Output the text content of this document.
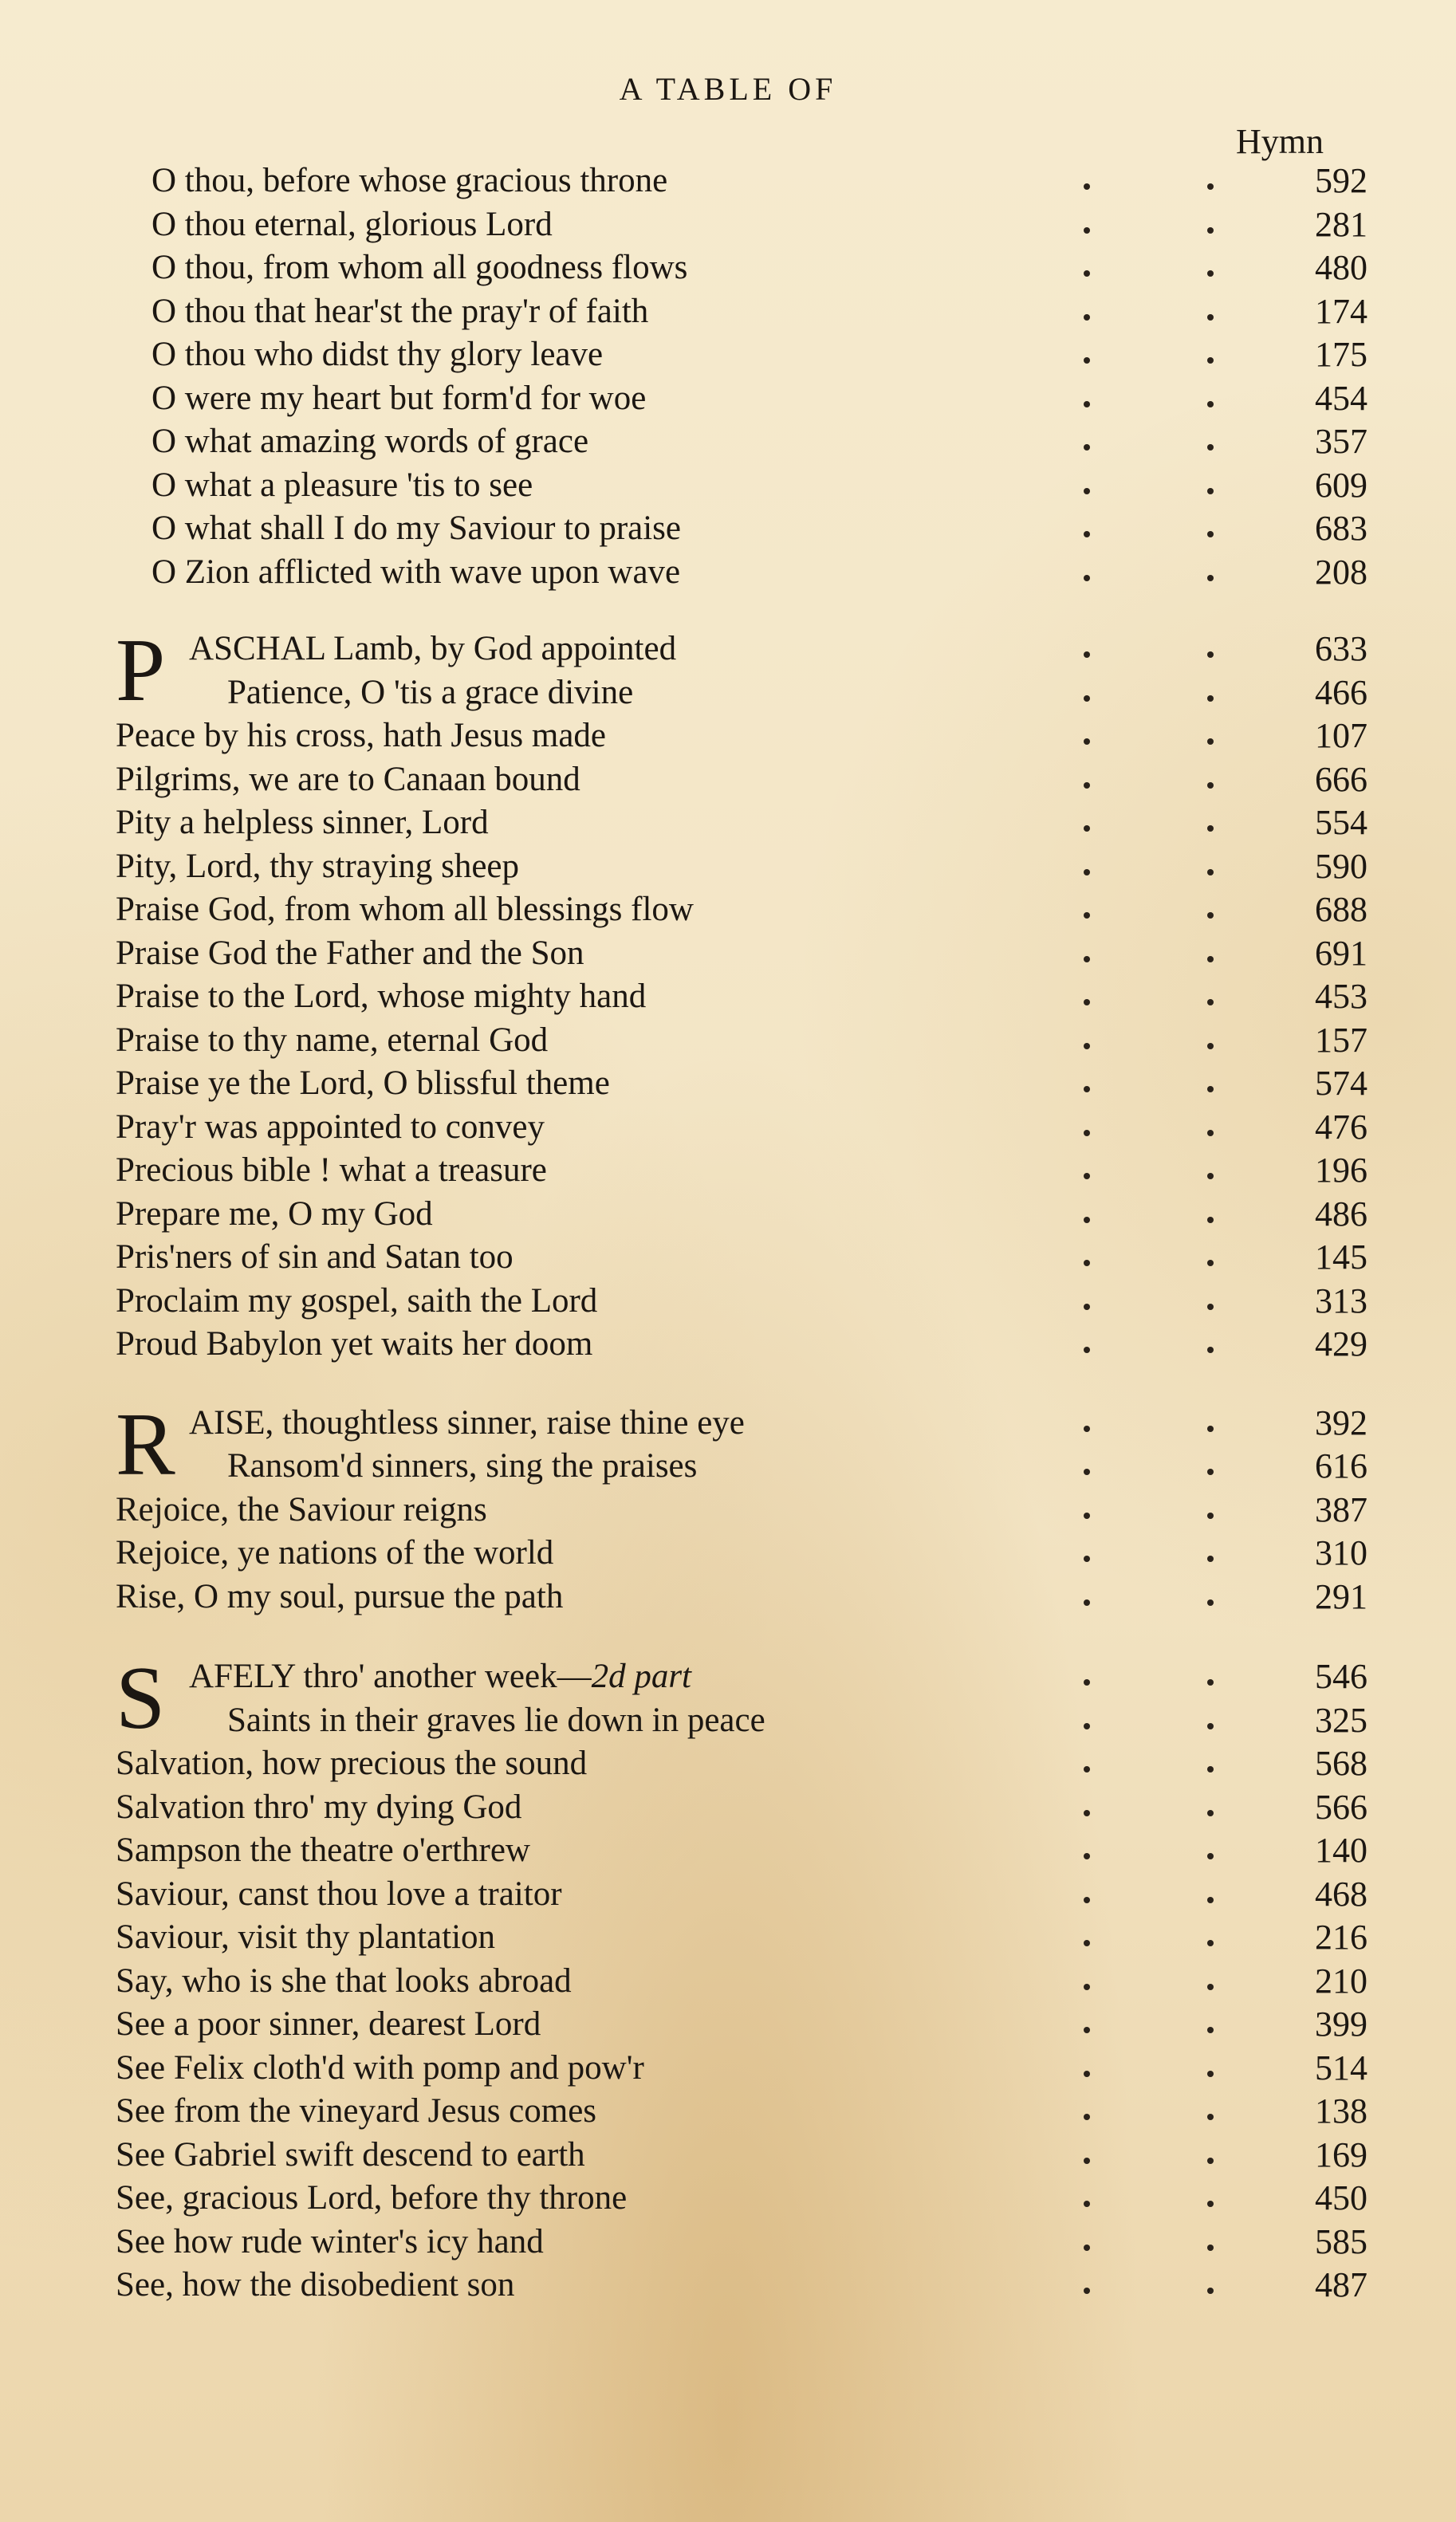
A TABLE OF
Hymn
O thou, before whose gracious throne	592
O thou eternal, glorious Lord	281
O thou, from whom all goodness flows	480
O thou that hear'st the pray'r of faith	174
O thou who didst thy glory leave	175
O were my heart but form'd for woe	454
O what amazing words of grace	357
O what a pleasure 'tis to see	609
O what shall I do my Saviour to praise	683
O Zion afflicted with wave upon wave	208
P ASCHAL Lamb, by God appointed	633
Patience, O 'tis a grace divine	466
Peace by his cross, hath Jesus made	107
Pilgrims, we are to Canaan bound	666
Pity a helpless sinner, Lord	554
Pity, Lord, thy straying sheep	590
Praise God, from whom all blessings flow	688
Praise God the Father and the Son	691
Praise to the Lord, whose mighty hand	453
Praise to thy name, eternal God	157
Praise ye the Lord, O blissful theme	574
Pray'r was appointed to convey	476
Precious bible ! what a treasure	196
Prepare me, O my God	486
Pris'ners of sin and Satan too	145
Proclaim my gospel, saith the Lord	313
Proud Babylon yet waits her doom	429
R AISE, thoughtless sinner, raise thine eye	392
Ransom'd sinners, sing the praises	616
Rejoice, the Saviour reigns	387
Rejoice, ye nations of the world	310
Rise, O my soul, pursue the path	291
S AFELY thro' another week—2d part	546
Saints in their graves lie down in peace	325
Salvation, how precious the sound	568
Salvation thro' my dying God	566
Sampson the theatre o'erthrew	140
Saviour, canst thou love a traitor	468
Saviour, visit thy plantation	216
Say, who is she that looks abroad	210
See a poor sinner, dearest Lord	399
See Felix cloth'd with pomp and pow'r	514
See from the vineyard Jesus comes	138
See Gabriel swift descend to earth	169
See, gracious Lord, before thy throne	450
See how rude winter's icy hand	585
See, how the disobedient son	487
